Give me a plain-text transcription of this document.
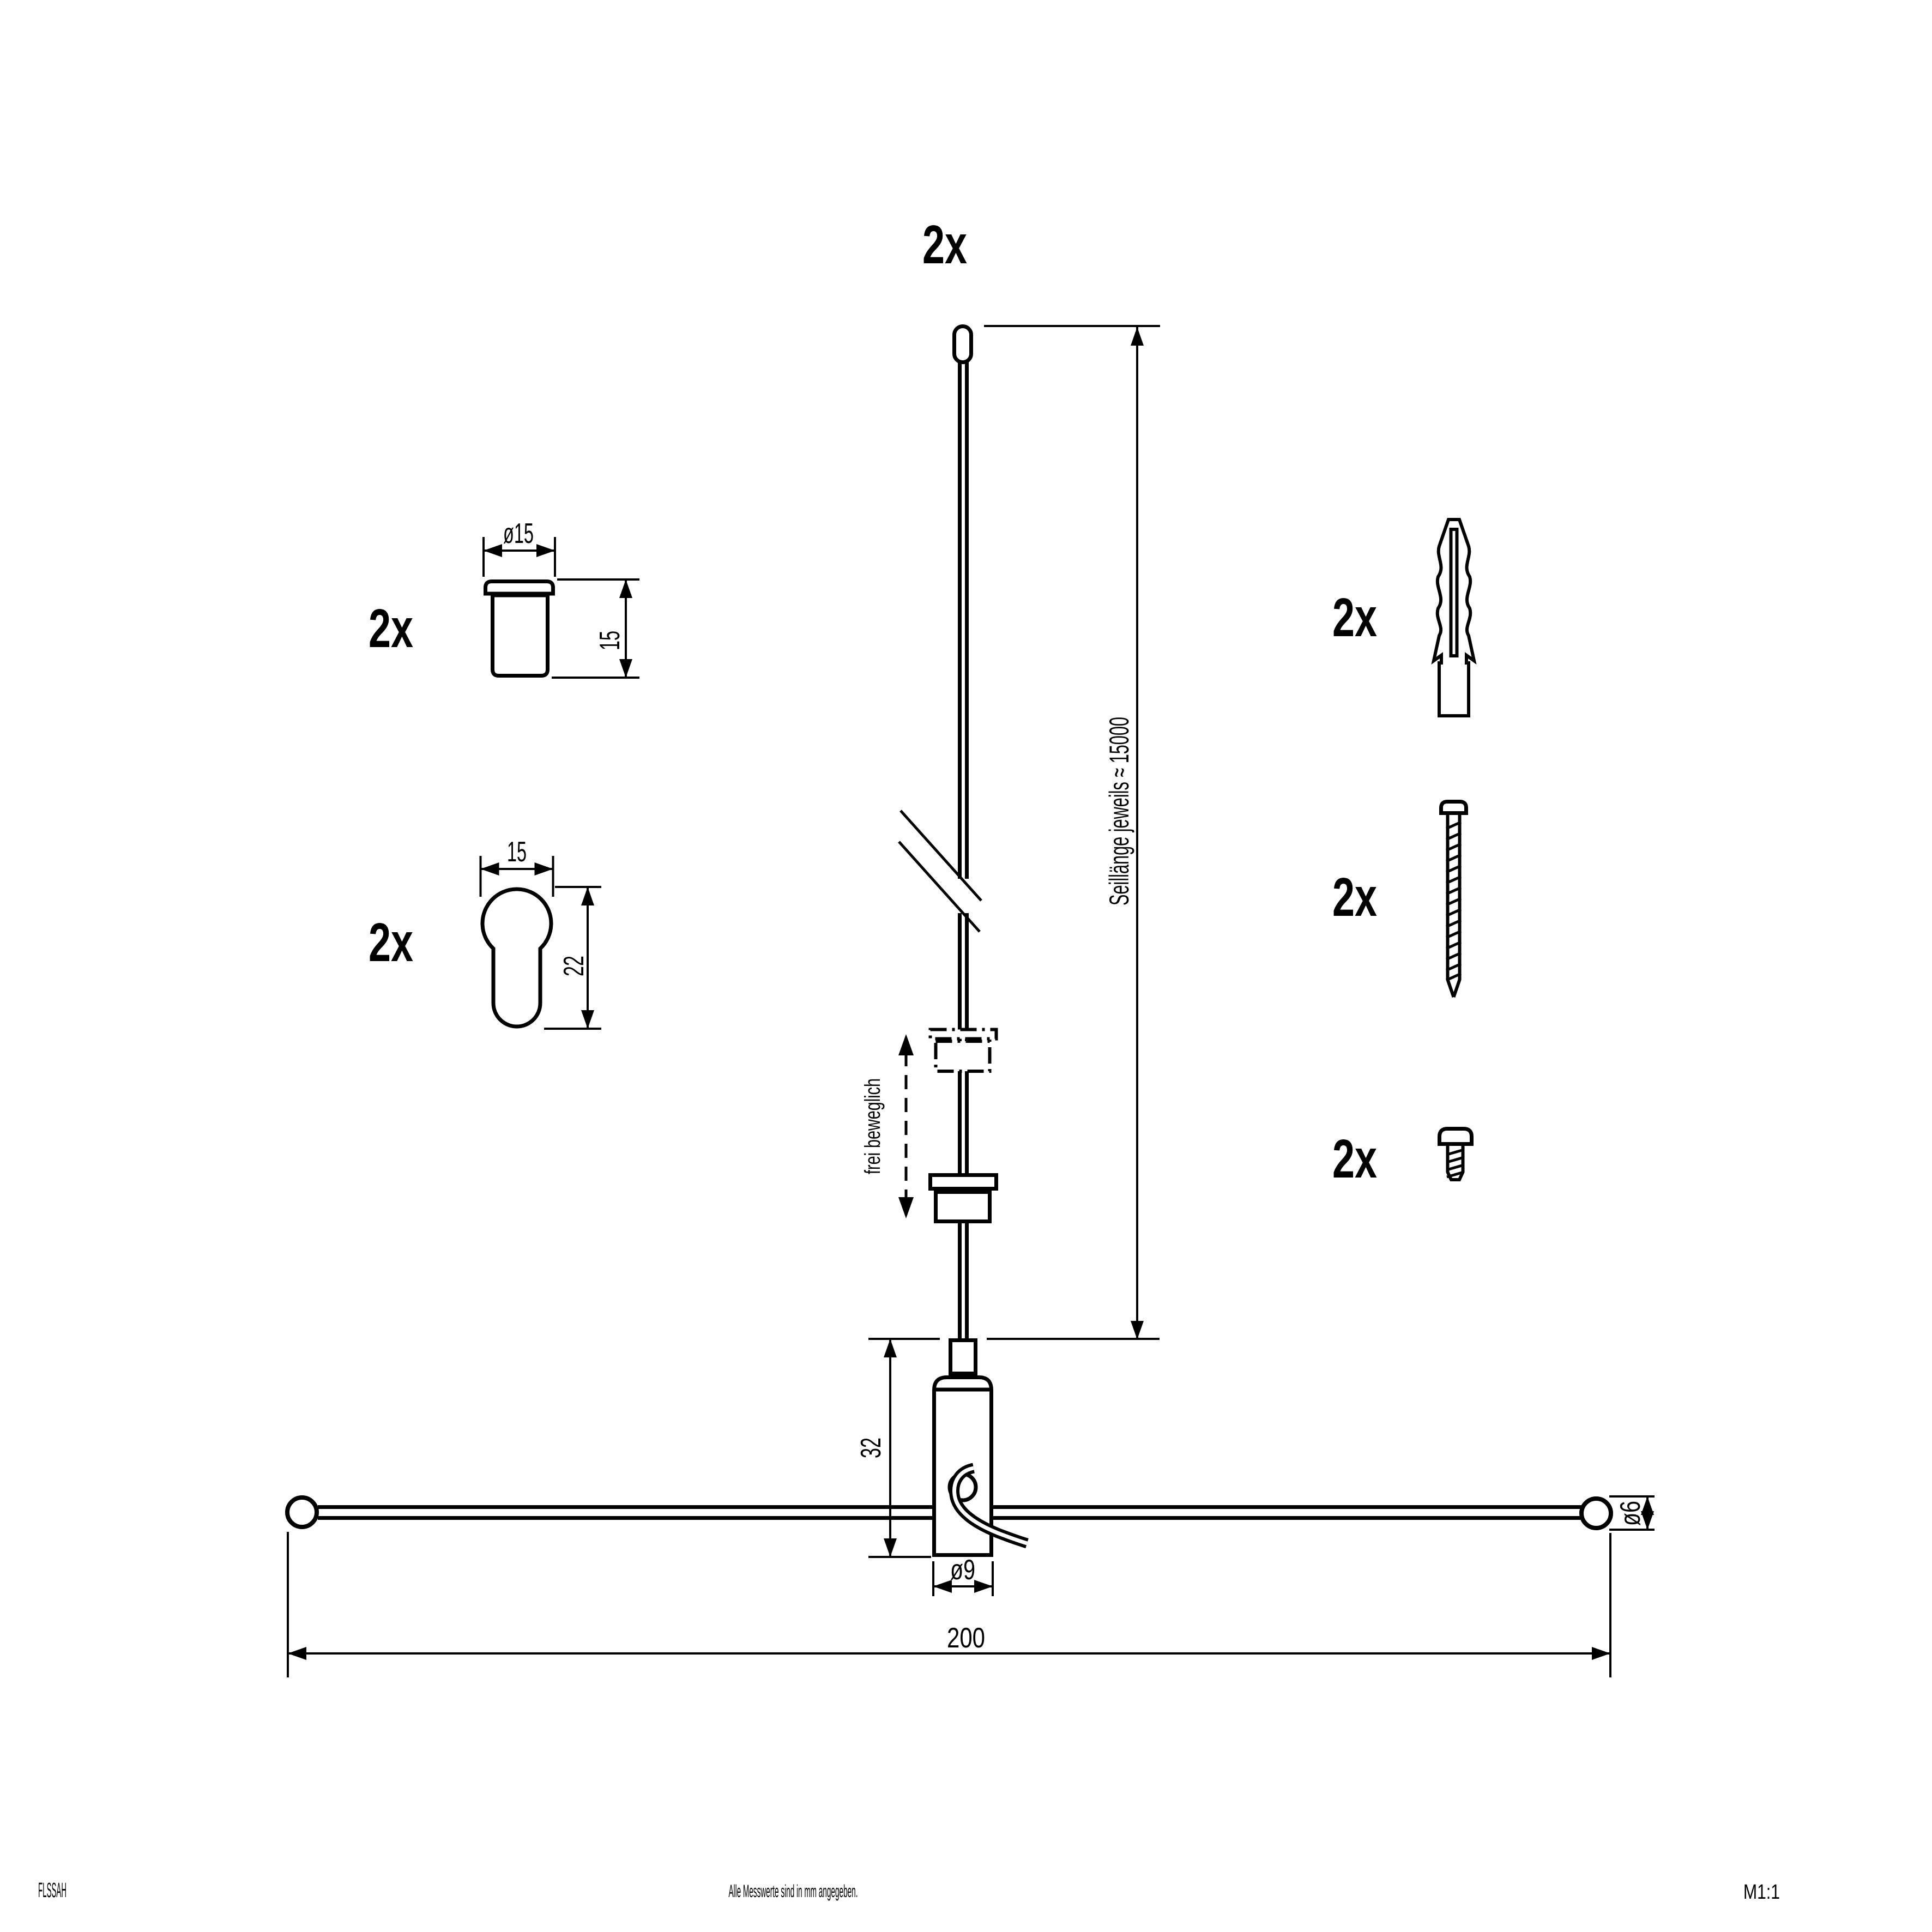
2x
Seillänge jeweils ≈ 15000
frei beweglich
32
ø9
200
ø6
2x
ø15
15
2x
15
22
2x
2x
2x
FLSSAH	Alle Messwerte sind in mm angegeben.	M1:1
